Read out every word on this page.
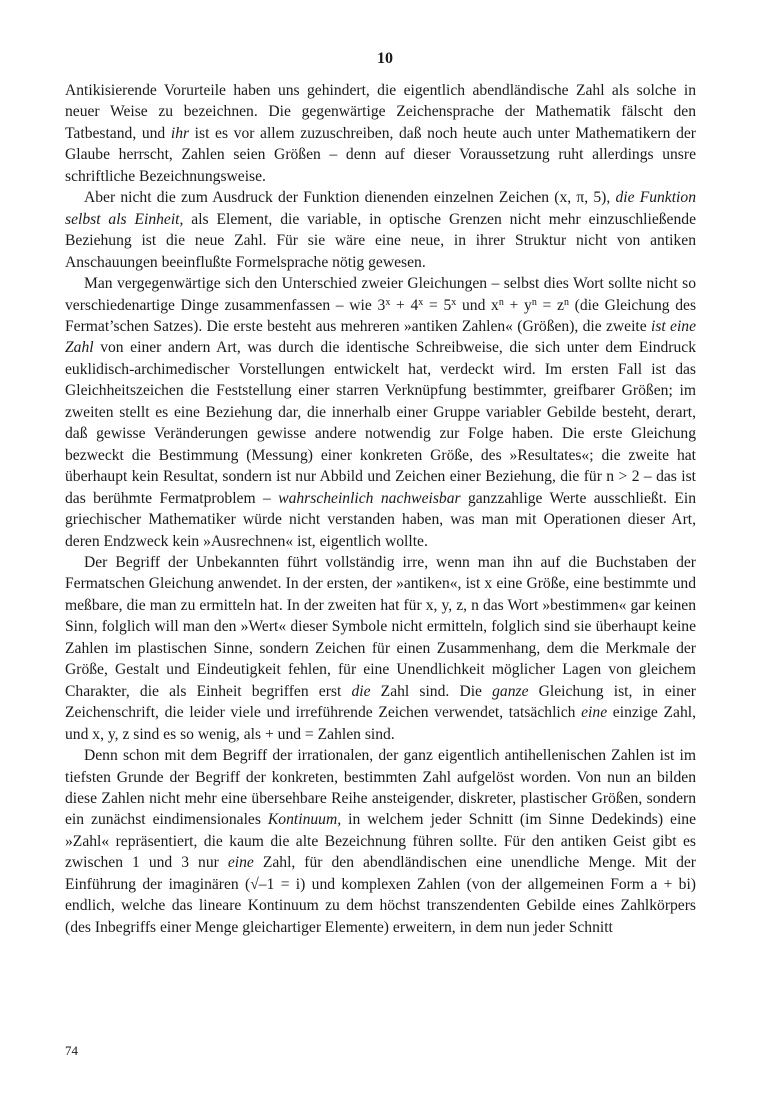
10

Antikisierende Vorurteile haben uns gehindert, die eigentlich abendländische Zahl als solche in neuer Weise zu bezeichnen. Die gegenwärtige Zeichensprache der Mathematik fälscht den Tatbestand, und ihr ist es vor allem zuzuschreiben, daß noch heute auch unter Mathematikern der Glaube herrscht, Zahlen seien Größen – denn auf dieser Voraussetzung ruht allerdings unsre schriftliche Bezeichnungsweise.

Aber nicht die zum Ausdruck der Funktion dienenden einzelnen Zeichen (x, π, 5), die Funktion selbst als Einheit, als Element, die variable, in optische Grenzen nicht mehr einzuschließende Beziehung ist die neue Zahl. Für sie wäre eine neue, in ihrer Struktur nicht von antiken Anschauungen beeinflußte Formelsprache nötig gewesen.

Man vergegenwärtige sich den Unterschied zweier Gleichungen – selbst dies Wort sollte nicht so verschiedenartige Dinge zusammenfassen – wie $3^x + 4^x = 5^x$ und $x^n + y^n = z^n$ (die Gleichung des Fermat’schen Satzes). Die erste besteht aus mehreren »antiken Zahlen« (Größen), die zweite ist eine Zahl von einer andern Art, was durch die identische Schreibweise, die sich unter dem Eindruck euklidisch-archimedischer Vorstellungen entwickelt hat, verdeckt wird. Im ersten Fall ist das Gleichheitszeichen die Feststellung einer starren Verknüpfung bestimmter, greifbarer Größen; im zweiten stellt es eine Beziehung dar, die innerhalb einer Gruppe variabler Gebilde besteht, derart, daß gewisse Veränderungen gewisse andere notwendig zur Folge haben. Die erste Gleichung bezweckt die Bestimmung (Messung) einer konkreten Größe, des »Resultates«; die zweite hat überhaupt kein Resultat, sondern ist nur Abbild und Zeichen einer Beziehung, die für n > 2 – das ist das berühmte Fermatproblem – wahrscheinlich nachweisbar ganzzahlige Werte ausschließt. Ein griechischer Mathematiker würde nicht verstanden haben, was man mit Operationen dieser Art, deren Endzweck kein »Ausrechnen« ist, eigentlich wollte.

Der Begriff der Unbekannten führt vollständig irre, wenn man ihn auf die Buchstaben der Fermatschen Gleichung anwendet. In der ersten, der »antiken«, ist x eine Größe, eine bestimmte und meßbare, die man zu ermitteln hat. In der zweiten hat für x, y, z, n das Wort »bestimmen« gar keinen Sinn, folglich will man den »Wert« dieser Symbole nicht ermitteln, folglich sind sie überhaupt keine Zahlen im plastischen Sinne, sondern Zeichen für einen Zusammenhang, dem die Merkmale der Größe, Gestalt und Eindeutigkeit fehlen, für eine Unendlichkeit möglicher Lagen von gleichem Charakter, die als Einheit begriffen erst die Zahl sind. Die ganze Gleichung ist, in einer Zeichenschrift, die leider viele und irreführende Zeichen verwendet, tatsächlich eine einzige Zahl, und x, y, z sind es so wenig, als + und = Zahlen sind.

Denn schon mit dem Begriff der irrationalen, der ganz eigentlich antihellenischen Zahlen ist im tiefsten Grunde der Begriff der konkreten, bestimmten Zahl aufgelöst worden. Von nun an bilden diese Zahlen nicht mehr eine übersehbare Reihe ansteigender, diskreter, plastischer Größen, sondern ein zunächst eindimensionales Kontinuum, in welchem jeder Schnitt (im Sinne Dedekinds) eine »Zahl« repräsentiert, die kaum die alte Bezeichnung führen sollte. Für den antiken Geist gibt es zwischen 1 und 3 nur eine Zahl, für den abendländischen eine unendliche Menge. Mit der Einführung der imaginären (√–1 = i) und komplexen Zahlen (von der allgemeinen Form a + bi) endlich, welche das lineare Kontinuum zu dem höchst transzendenten Gebilde eines Zahlkörpers (des Inbegriffs einer Menge gleichartiger Elemente) erweitern, in dem nun jeder Schnitt

74
